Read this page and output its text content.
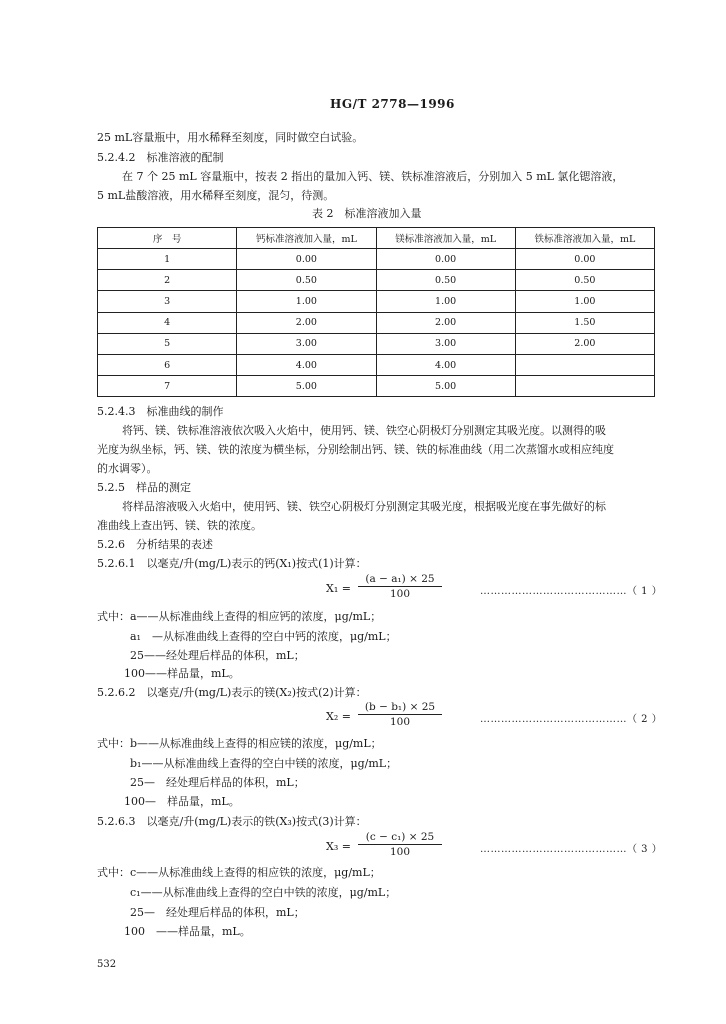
HG/T 2778—1996
25 mL容量瓶中，用水稀释至刻度，同时做空白试验。
5.2.4.2　标准溶液的配制
在 7 个 25 mL 容量瓶中，按表 2 指出的量加入钙、镁、铁标准溶液后，分别加入 5 mL 氯化锶溶液，
5 mL盐酸溶液，用水稀释至刻度，混匀，待测。
表 2　标准溶液加入量
序　号	钙标准溶液加入量，mL	镁标准溶液加入量，mL	铁标准溶液加入量，mL
1	0.00	0.00	0.00
2	0.50	0.50	0.50
3	1.00	1.00	1.00
4	2.00	2.00	1.50
5	3.00	3.00	2.00
6	4.00	4.00	
7	5.00	5.00	
5.2.4.3　标准曲线的制作
将钙、镁、铁标准溶液依次吸入火焰中，使用钙、镁、铁空心阴极灯分别测定其吸光度。以测得的吸
光度为纵坐标，钙、镁、铁的浓度为横坐标，分别绘制出钙、镁、铁的标准曲线（用二次蒸馏水或相应纯度
的水调零）。
5.2.5　样品的测定
将样品溶液吸入火焰中，使用钙、镁、铁空心阴极灯分别测定其吸光度，根据吸光度在事先做好的标
准曲线上查出钙、镁、铁的浓度。
5.2.6　分析结果的表述
5.2.6.1　以毫克/升(mg/L)表示的钙(X₁)按式(1)计算：
$X_1 = \frac{\text{(a − a₁) × 25}}{100}$	……………………………………（ 1 ）
式中：a——从标准曲线上查得的相应钙的浓度，μg/mL；
a₁　—从标准曲线上查得的空白中钙的浓度，μg/mL；
25——经处理后样品的体积，mL；
100——样品量，mL。
5.2.6.2　以毫克/升(mg/L)表示的镁(X₂)按式(2)计算：
$X_2 = \frac{\text{(b − b₁) × 25}}{100}$	……………………………………（ 2 ）
式中：b——从标准曲线上查得的相应镁的浓度，μg/mL；
b₁——从标准曲线上查得的空白中镁的浓度，μg/mL；
25—　经处理后样品的体积，mL；
100—　样品量，mL。
5.2.6.3　以毫克/升(mg/L)表示的铁(X₃)按式(3)计算：
$X_3 = \frac{\text{(c − c₁) × 25}}{100}$	……………………………………（ 3 ）
式中：c——从标准曲线上查得的相应铁的浓度，μg/mL；
c₁——从标准曲线上查得的空白中铁的浓度，μg/mL；
25—　经处理后样品的体积，mL；
100　——样品量，mL。
532
